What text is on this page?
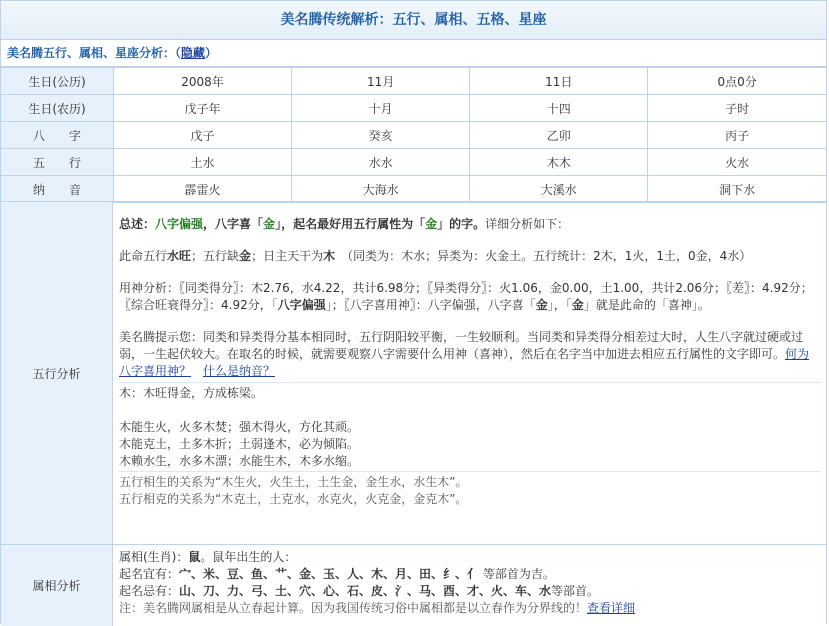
美名腾传统解析：五行、属相、五格、星座
美名腾五行、属相、星座分析：（隐藏）
生日(公历)	2008年	11月	11日	0点0分
生日(农历)	戊子年	十月	十四	子时
八　　字	戊子	癸亥	乙卯	丙子
五　　行	土水	水水	木木	火水
纳　　音	霹雷火	大海水	大溪水	洞下水
五行分析
总述：八字偏强，八字喜「金」，起名最好用五行属性为「金」的字。详细分析如下：
此命五行水旺；五行缺金；日主天干为木　（同类为：木水；异类为：火金土。五行统计：2木，1火，1土，0金，4水）
用神分析：〖同类得分〗：木2.76，水4.22，共计6.98分；〖异类得分〗：火1.06，金0.00，土1.00，共计2.06分；〖差〗：4.92分；〖综合旺衰得分〗：4.92分，「八字偏强」；〖八字喜用神〗：八字偏强，八字喜「金」，「金」就是此命的「喜神」。
美名腾提示您：同类和异类得分基本相同时，五行阴阳较平衡，一生较顺利。当同类和异类得分相差过大时，人生八字就过硬或过弱，一生起伏较大。在取名的时候，就需要观察八字需要什么用神（喜神），然后在名字当中加进去相应五行属性的文字即可。何为八字喜用神？　 什么是纳音？
木：木旺得金，方成栋梁。
木能生火，火多木焚；强木得火，方化其顽。
木能克土，土多木折；土弱逢木，必为倾陷。
木赖水生，水多木漂；水能生木，木多水缩。
五行相生的关系为“木生火，火生土，土生金，金生水，水生木”。
五行相克的关系为“木克土，土克水，水克火，火克金，金克木”。
属相分析
属相(生肖)：鼠。鼠年出生的人：
起名宜有：宀、米、豆、鱼、艹、金、玉、人、木、月、田、纟、亻 等部首为吉。
起名忌有：山、刀、力、弓、土、穴、心、石、皮、氵、马、酉、才、火、车、水等部首。
注：美名腾网属相是从立春起计算。因为我国传统习俗中属相都是以立春作为分界线的！查看详细
